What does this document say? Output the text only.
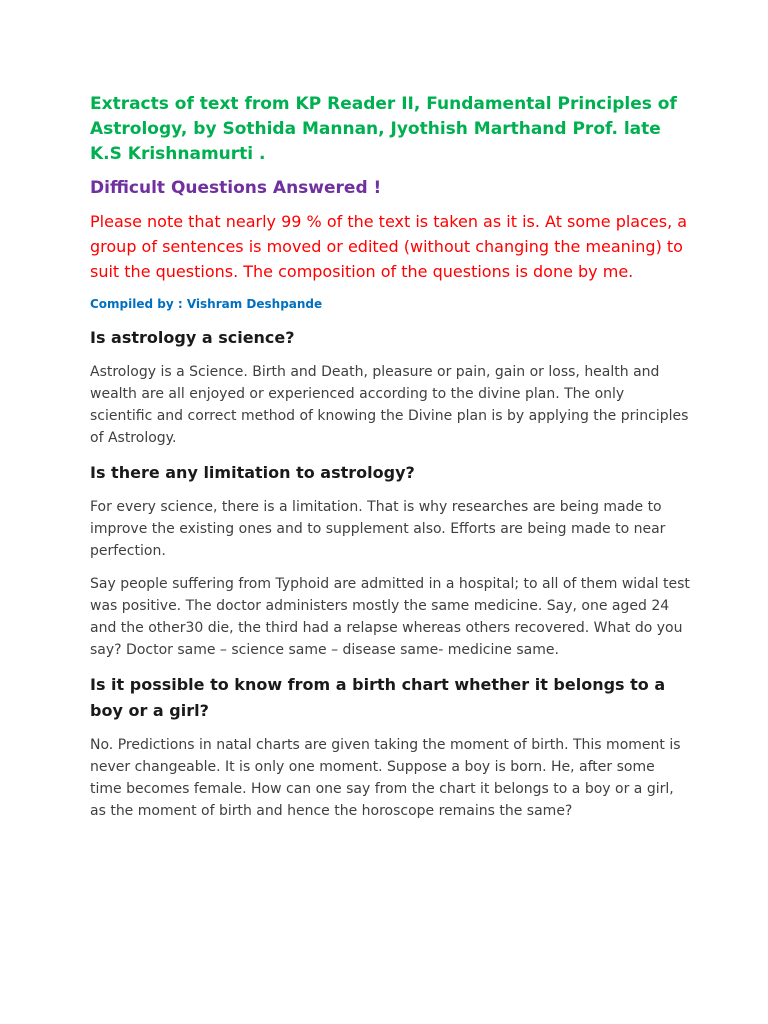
Extracts of text from KP Reader II, Fundamental Principles of Astrology, by Sothida Mannan, Jyothish Marthand Prof. late K.S Krishnamurti .

Difficult Questions Answered !

Please note that nearly 99 % of the text is taken as it is. At some places, a group of sentences is moved or edited (without changing the meaning) to suit the questions. The composition of the questions is done by me.

Compiled by : Vishram Deshpande

Is astrology a science?

Astrology is a Science. Birth and Death, pleasure or pain, gain or loss, health and wealth are all enjoyed or experienced according to the divine plan. The only scientific and correct method of knowing the Divine plan is by applying the principles of Astrology.

Is there any limitation to astrology?

For every science, there is a limitation. That is why researches are being made to improve the existing ones and to supplement also. Efforts are being made to near perfection.

Say people suffering from Typhoid are admitted in a hospital; to all of them widal test was positive. The doctor administers mostly the same medicine. Say, one aged 24 and the other30 die, the third had a relapse whereas others recovered. What do you say? Doctor same – science same – disease same- medicine same.

Is it possible to know from a birth chart whether it belongs to a boy or a girl?

No. Predictions in natal charts are given taking the moment of birth. This moment is never changeable. It is only one moment. Suppose a boy is born. He, after some time becomes female. How can one say from the chart it belongs to a boy or a girl, as the moment of birth and hence the horoscope remains the same?
